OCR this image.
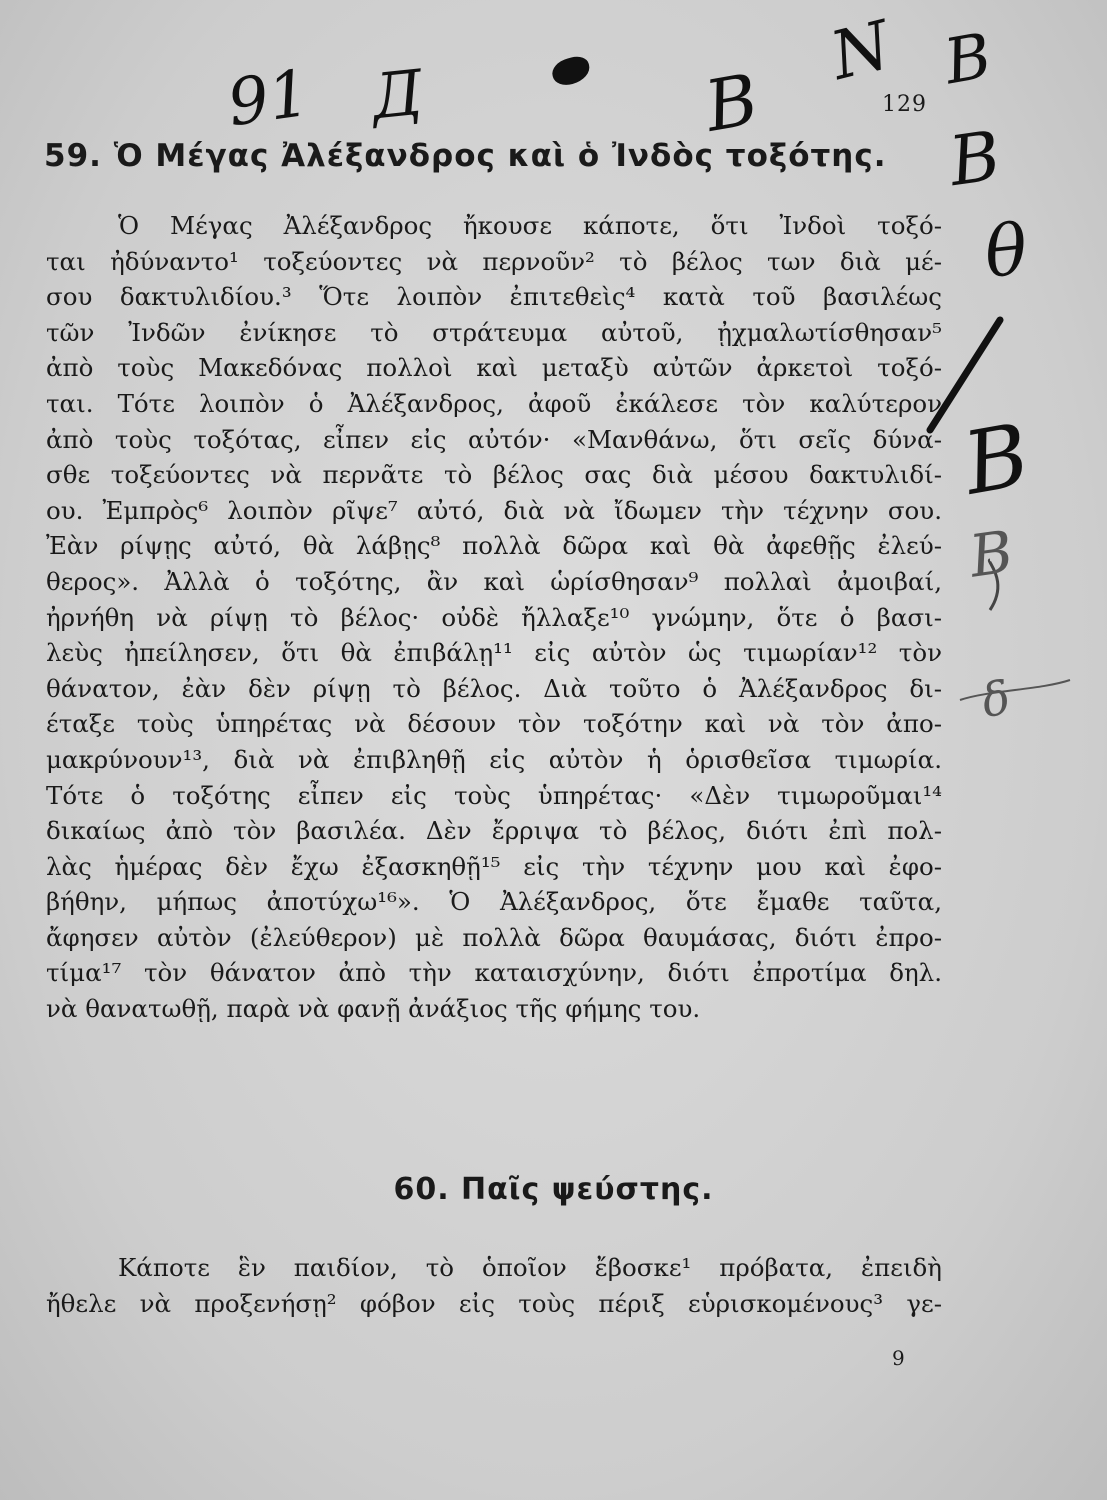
91 Д	B
N B
B
θ
B
B
δ
129
59. Ὁ Μέγας Ἀλέξανδρος καὶ ὁ Ἰνδὸς τοξότης.
Ὁ Μέγας Ἀλέξανδρος ἤκουσε κάποτε, ὅτι Ἰνδοὶ τοξό-
ται ἠδύναντο¹ τοξεύοντες νὰ περνοῦν² τὸ βέλος των διὰ μέ-
σου δακτυλιδίου.³ Ὅτε λοιπὸν ἐπιτεθεὶς⁴ κατὰ τοῦ βασιλέως
τῶν Ἰνδῶν ἐνίκησε τὸ στράτευμα αὐτοῦ, ᾐχμαλωτίσθησαν⁵
ἀπὸ τοὺς Μακεδόνας πολλοὶ καὶ μεταξὺ αὐτῶν ἀρκετοὶ τοξό-
ται. Τότε λοιπὸν ὁ Ἀλέξανδρος, ἀφοῦ ἐκάλεσε τὸν καλύτερον
ἀπὸ τοὺς τοξότας, εἶπεν εἰς αὐτόν· «Μανθάνω, ὅτι σεῖς δύνα-
σθε τοξεύοντες νὰ περνᾶτε τὸ βέλος σας διὰ μέσου δακτυλιδί-
ου. Ἐμπρὸς⁶ λοιπὸν ρῖψε⁷ αὐτό, διὰ νὰ ἴδωμεν τὴν τέχνην σου.
Ἐὰν ρίψῃς αὐτό, θὰ λάβῃς⁸ πολλὰ δῶρα καὶ θὰ ἀφεθῇς ἐλεύ-
θερος». Ἀλλὰ ὁ τοξότης, ἂν καὶ ὡρίσθησαν⁹ πολλαὶ ἀμοιβαί,
ἠρνήθη νὰ ρίψῃ τὸ βέλος· οὐδὲ ἤλλαξε¹⁰ γνώμην, ὅτε ὁ βασι-
λεὺς ἠπείλησεν, ὅτι θὰ ἐπιβάλῃ¹¹ εἰς αὐτὸν ὡς τιμωρίαν¹² τὸν
θάνατον, ἐὰν δὲν ρίψῃ τὸ βέλος. Διὰ τοῦτο ὁ Ἀλέξανδρος δι-
έταξε τοὺς ὑπηρέτας νὰ δέσουν τὸν τοξότην καὶ νὰ τὸν ἀπο-
μακρύνουν¹³, διὰ νὰ ἐπιβληθῇ εἰς αὐτὸν ἡ ὁρισθεῖσα τιμωρία.
Τότε ὁ τοξότης εἶπεν εἰς τοὺς ὑπηρέτας· «Δὲν τιμωροῦμαι¹⁴
δικαίως ἀπὸ τὸν βασιλέα. Δὲν ἔρριψα τὸ βέλος, διότι ἐπὶ πολ-
λὰς ἡμέρας δὲν ἔχω ἐξασκηθῇ¹⁵ εἰς τὴν τέχνην μου καὶ ἐφο-
βήθην, μήπως ἀποτύχω¹⁶». Ὁ Ἀλέξανδρος, ὅτε ἔμαθε ταῦτα,
ἄφησεν αὐτὸν (ἐλεύθερον) μὲ πολλὰ δῶρα θαυμάσας, διότι ἐπρο-
τίμα¹⁷ τὸν θάνατον ἀπὸ τὴν καταισχύνην, διότι ἐπροτίμα δηλ.
νὰ θανατωθῇ, παρὰ νὰ φανῇ ἀνάξιος τῆς φήμης του.
60. Παῖς ψεύστης.
Κάποτε ἓν παιδίον, τὸ ὁποῖον ἔβοσκε¹ πρόβατα, ἐπειδὴ
ἤθελε νὰ προξενήσῃ² φόβον εἰς τοὺς πέριξ εὑρισκομένους³ γε-
9
